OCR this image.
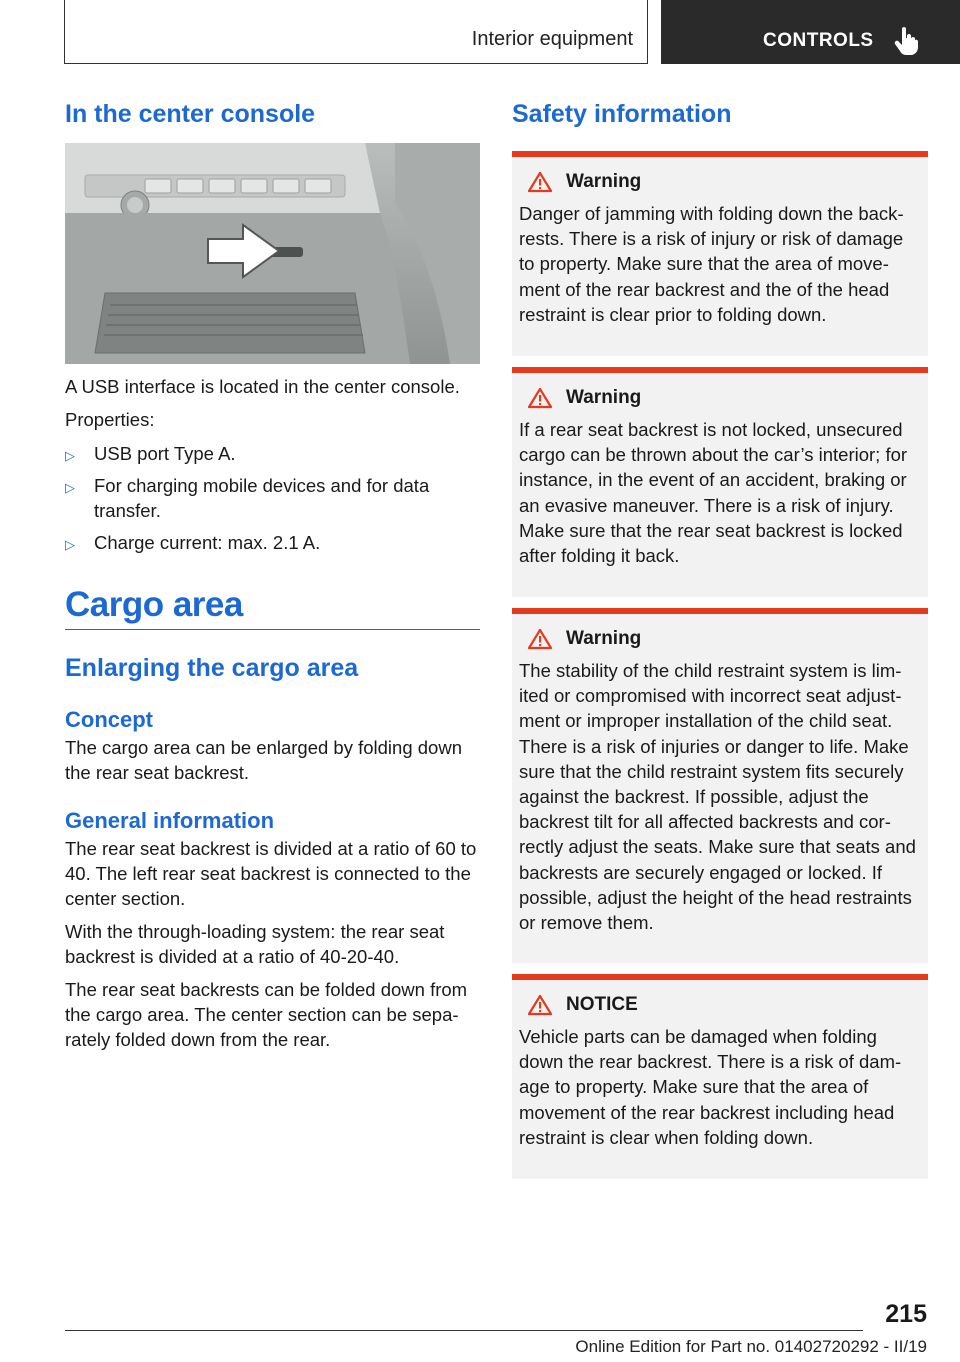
Interior equipment	CONTROLS
In the center console

A USB interface is located in the center console.

Properties:

▷ USB port Type A.
▷ For charging mobile devices and for data transfer.
▷ Charge current: max. 2.1 A.
Cargo area
Enlarging the cargo area
Concept

The cargo area can be enlarged by folding down the rear seat backrest.

General information

The rear seat backrest is divided at a ratio of 60 to 40. The left rear seat backrest is connected to the center section.

With the through-loading system: the rear seat backrest is divided at a ratio of 40-20-40.

The rear seat backrests can be folded down from the cargo area. The center section can be separately folded down from the rear.

Safety information
Warning

Danger of jamming with folding down the backrests. There is a risk of injury or risk of damage to property. Make sure that the area of movement of the rear backrest and the of the head restraint is clear prior to folding down.

Warning

If a rear seat backrest is not locked, unsecured cargo can be thrown about the car’s interior; for instance, in the event of an accident, braking or an evasive maneuver. There is a risk of injury. Make sure that the rear seat backrest is locked after folding it back.

Warning

The stability of the child restraint system is limited or compromised with incorrect seat adjustment or improper installation of the child seat. There is a risk of injuries or danger to life. Make sure that the child restraint system fits securely against the backrest. If possible, adjust the backrest tilt for all affected backrests and correctly adjust the seats. Make sure that seats and backrests are securely engaged or locked. If possible, adjust the height of the head restraints or remove them.

NOTICE

Vehicle parts can be damaged when folding down the rear backrest. There is a risk of damage to property. Make sure that the area of movement of the rear backrest including head restraint is clear when folding down.

215
Online Edition for Part no. 01402720292 - II/19
